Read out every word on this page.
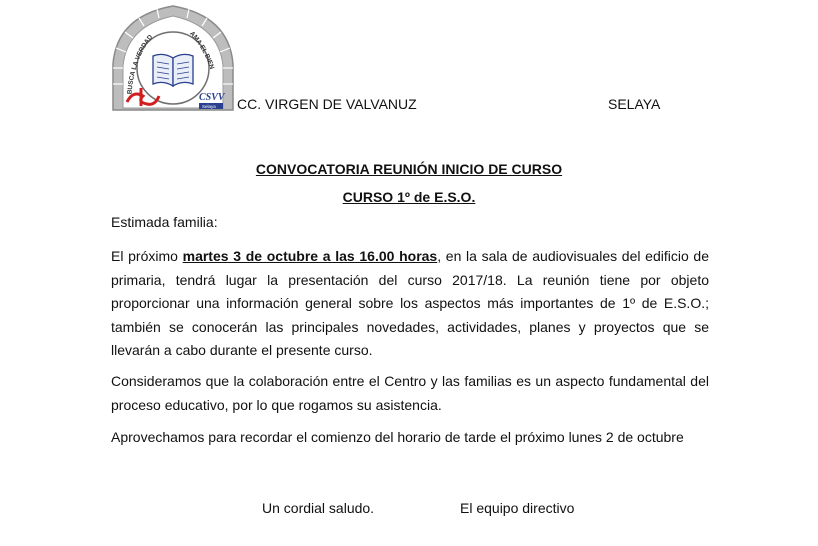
BUSCA LA VERDAD	AMA EL BIEN
CSVV
Selaya CC. VIRGEN DE VALVANUZ	SELAYA
CONVOCATORIA REUNIÓN INICIO DE CURSO
CURSO 1º de E.S.O.
Estimada familia:
El próximo martes 3 de octubre a las 16.00 horas, en la sala de audiovisuales del edificio de primaria, tendrá lugar la presentación del curso 2017/18. La reunión tiene por objeto proporcionar una información general sobre los aspectos más importantes de 1º de E.S.O.; también se conocerán las principales novedades, actividades, planes y proyectos que se llevarán a cabo durante el presente curso.
Consideramos que la colaboración entre el Centro y las familias es un aspecto fundamental del proceso educativo, por lo que rogamos su asistencia.
Aprovechamos para recordar el comienzo del horario de tarde el próximo lunes 2 de octubre
Un cordial saludo.	El equipo directivo
